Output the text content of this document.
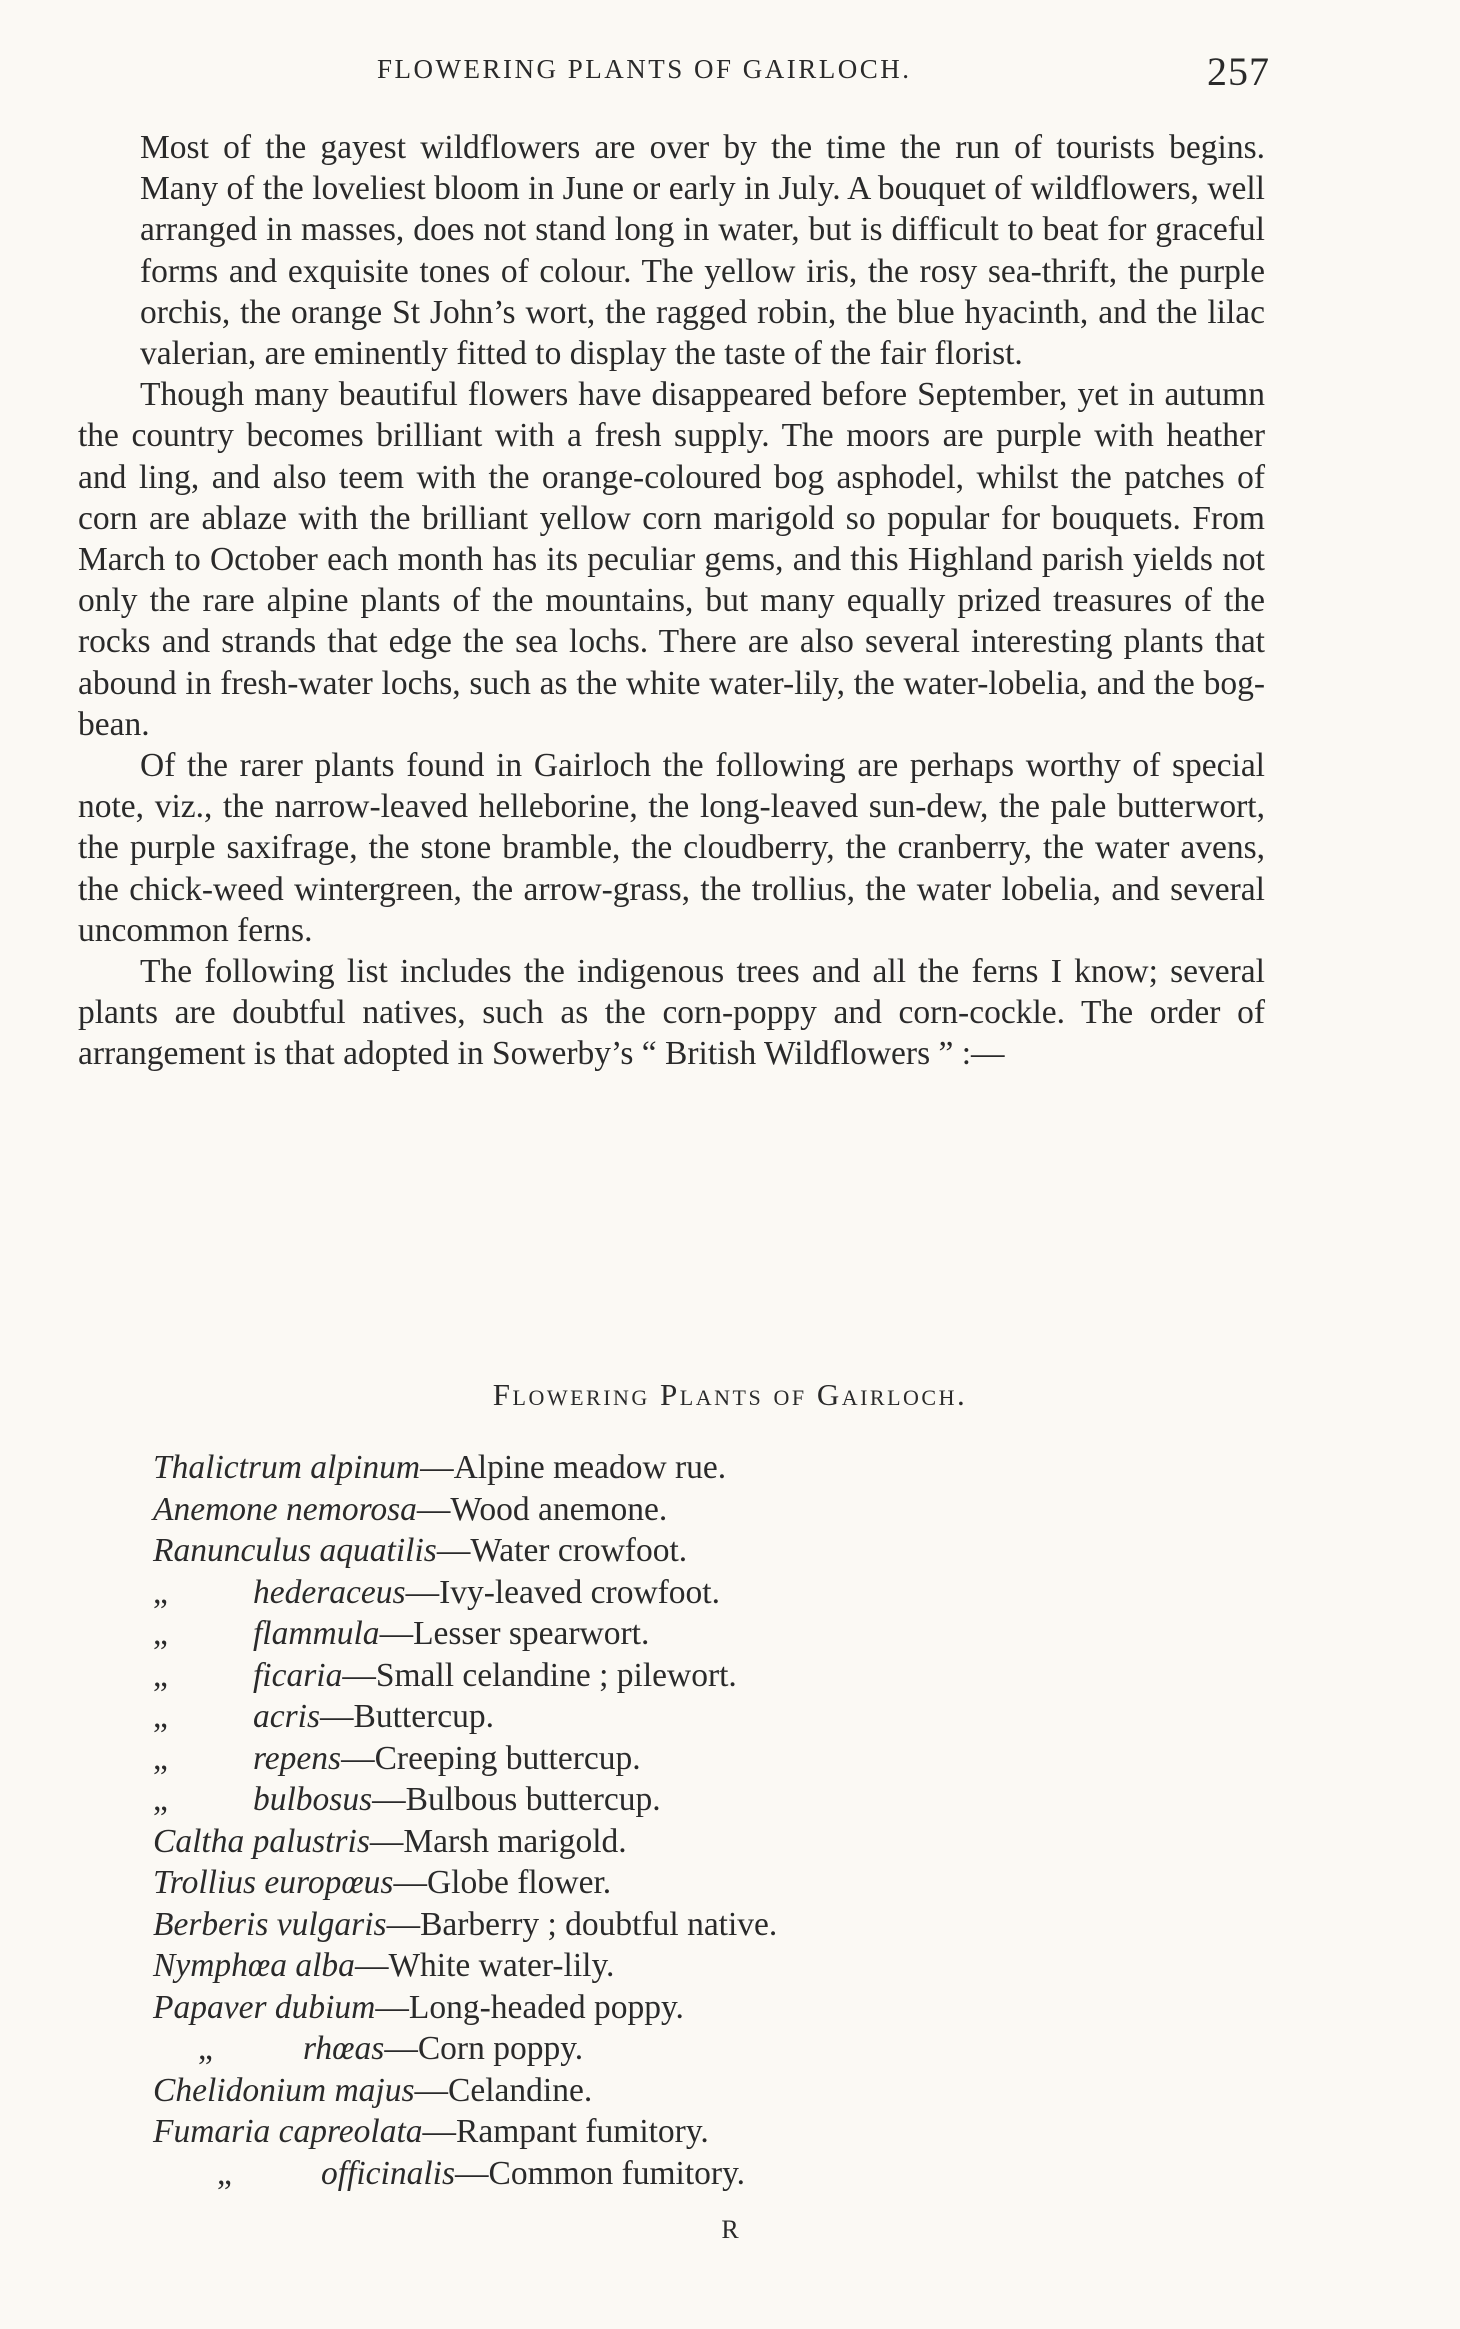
FLOWERING PLANTS OF GAIRLOCH.	257

Most of the gayest wildflowers are over by the time the run of tourists begins. Many of the loveliest bloom in June or early in July. A bouquet of wildflowers, well arranged in masses, does not stand long in water, but is difficult to beat for graceful forms and exquisite tones of colour. The yellow iris, the rosy sea-thrift, the purple orchis, the orange St John’s wort, the ragged robin, the blue hyacinth, and the lilac valerian, are eminently fitted to display the taste of the fair florist.

Though many beautiful flowers have disappeared before September, yet in autumn the country becomes brilliant with a fresh supply. The moors are purple with heather and ling, and also teem with the orange-coloured bog asphodel, whilst the patches of corn are ablaze with the brilliant yellow corn marigold so popular for bouquets. From March to October each month has its peculiar gems, and this Highland parish yields not only the rare alpine plants of the mountains, but many equally prized treasures of the rocks and strands that edge the sea lochs. There are also several interesting plants that abound in fresh-water lochs, such as the white water-lily, the water-lobelia, and the bog-bean.

Of the rarer plants found in Gairloch the following are perhaps worthy of special note, viz., the narrow-leaved helleborine, the long-leaved sun-dew, the pale butterwort, the purple saxifrage, the stone bramble, the cloudberry, the cranberry, the water avens, the chick-weed wintergreen, the arrow-grass, the trollius, the water lobelia, and several uncommon ferns.

The following list includes the indigenous trees and all the ferns I know; several plants are doubtful natives, such as the corn-poppy and corn-cockle. The order of arrangement is that adopted in Sowerby’s “ British Wildflowers ” :—

Flowering Plants of Gairloch.
Thalictrum alpinum—Alpine meadow rue.
Anemone nemorosa—Wood anemone.
Ranunculus aquatilis—Water crowfoot.
„	hederaceus—Ivy-leaved crowfoot.
„	flammula—Lesser spearwort.
„	ficaria—Small celandine ; pilewort.
„	acris—Buttercup.
„	repens—Creeping buttercup.
„	bulbosus—Bulbous buttercup.
Caltha palustris—Marsh marigold.
Trollius europœus—Globe flower.
Berberis vulgaris—Barberry ; doubtful native.
Nymphœa alba—White water-lily.
Papaver dubium—Long-headed poppy.
„	rhœas—Corn poppy.
Chelidonium majus—Celandine.
Fumaria capreolata—Rampant fumitory.
„	officinalis—Common fumitory.
R
